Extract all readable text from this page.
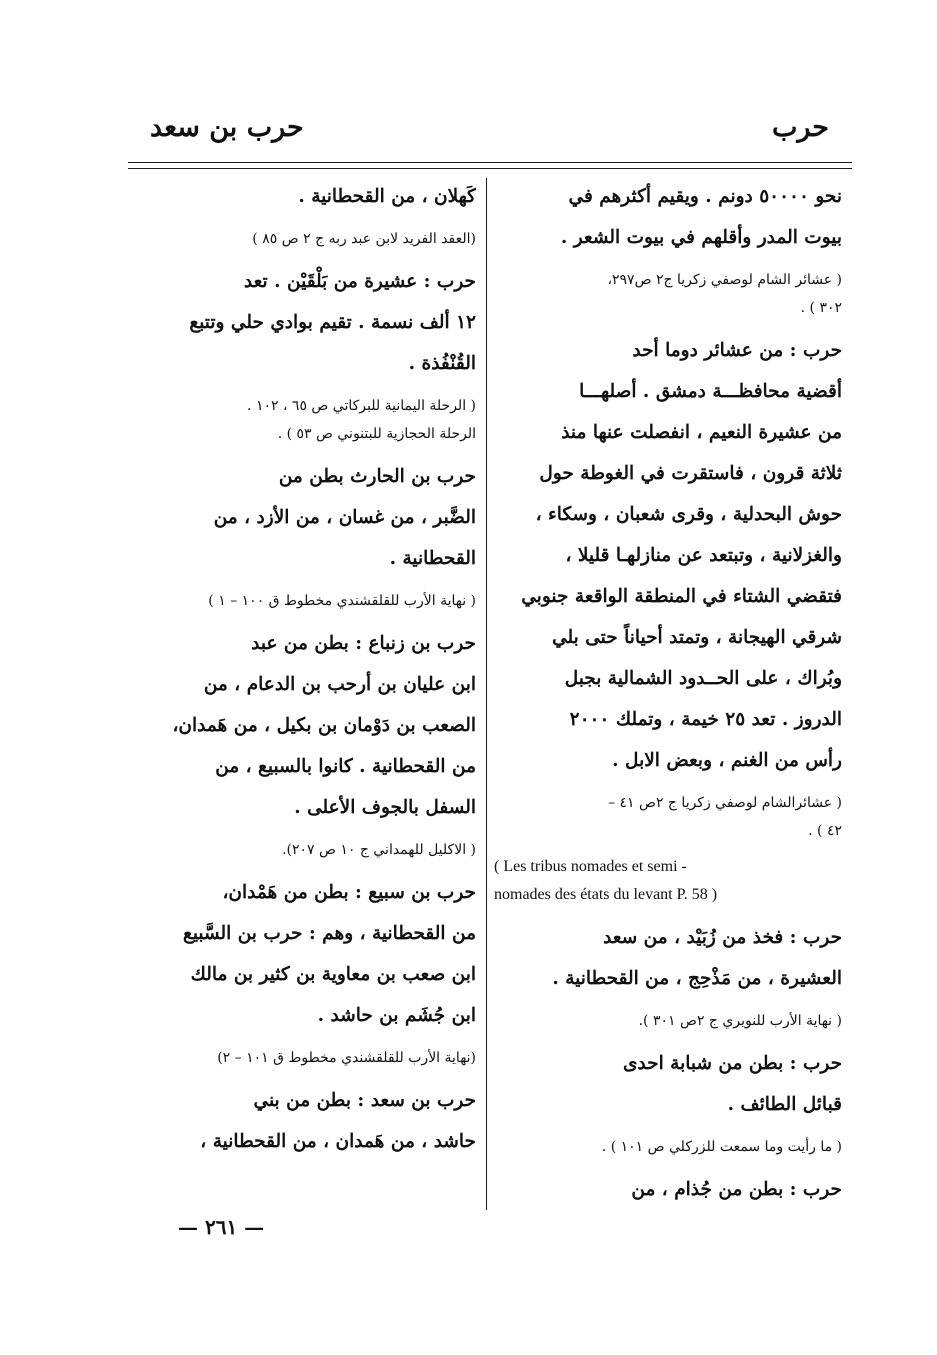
حرب
حرب بن سعد
نحو ٥٠٠٠٠ دونم . ويقيم أكثرهم في
بيوت المدر وأقلهم في بيوت الشعر .
( عشائر الشام لوصفي زكريا ج٢ ص٢٩٧،
٣٠٢ ) .
حرب : من عشائر دوما أحد
أقضية محافظـــة دمشق . أصلهـــا
من عشيرة النعيم ، انفصلت عنها منذ
ثلاثة قرون ، فاستقرت في الغوطة حول
حوش البحدلية ، وقرى شعبان ، وسكاء ،
والغزلانية ، وتبتعد عن منازلهـا قليلا ،
فتقضي الشتاء في المنطقة الواقعة جنوبي
شرقي الهيجانة ، وتمتد أحياناً حتى بلي
وبُراك ، على الحــدود الشمالية بجبل
الدروز . تعد ٢٥ خيمة ، وتملك ٢٠٠٠
رأس من الغنم ، وبعض الابل .
( عشائرالشام لوصفي زكريا ج ٢ص ٤١ –
٤٢ ) .
( Les tribus nomades et semi -
nomades des états du levant P. 58 )
حرب : فخذ من زُبَيْد ، من سعد
العشيرة ، من مَذْحِج ، من القحطانية .
( نهاية الأرب للنويري ج ٢ص ٣٠١ ).
حرب : بطن من شبابة احدى
قبائل الطائف .
( ما رأيت وما سمعت للزركلي ص ١٠١ ) .
حرب : بطن من جُذام ، من
كَهلان ، من القحطانية .
(العقد الفريد لابن عبد ربه ج ٢ ص ٨٥ )
حرب : عشيرة من بَلْقَيْن . تعد
١٢ ألف نسمة . تقيم بوادي حلي وتتبع
القُنْفُذة .
( الرحلة اليمانية للبركاتي ص ٦٥ ، ١٠٢ .
الرحلة الحجازية للبتنوني ص ٥٣ ) .
حرب بن الحارث بطن من
الضَّبر ، من غسان ، من الأزد ، من
القحطانية .
( نهاية الأرب للقلقشندي مخطوط ق ١٠٠ – ١ )
حرب بن زنباع : بطن من عبد
ابن عليان بن أرحب بن الدعام ، من
الصعب بن دَوْمان بن بكيل ، من هَمدان،
من القحطانية . كانوا بالسبيع ، من
السفل بالجوف الأعلى .
( الاكليل للهمداني ج ١٠ ص ٢٠٧).
حرب بن سبيع : بطن من هَمْدان،
من القحطانية ، وهم : حرب بن السَّبيع
ابن صعب بن معاوية بن كثير بن مالك
ابن جُشَم بن حاشد .
(نهاية الأرب للقلقشندي مخطوط ق ١٠١ – ٢)
حرب بن سعد : بطن من بني
حاشد ، من هَمدان ، من القحطانية ،
— ٢٦١ —
